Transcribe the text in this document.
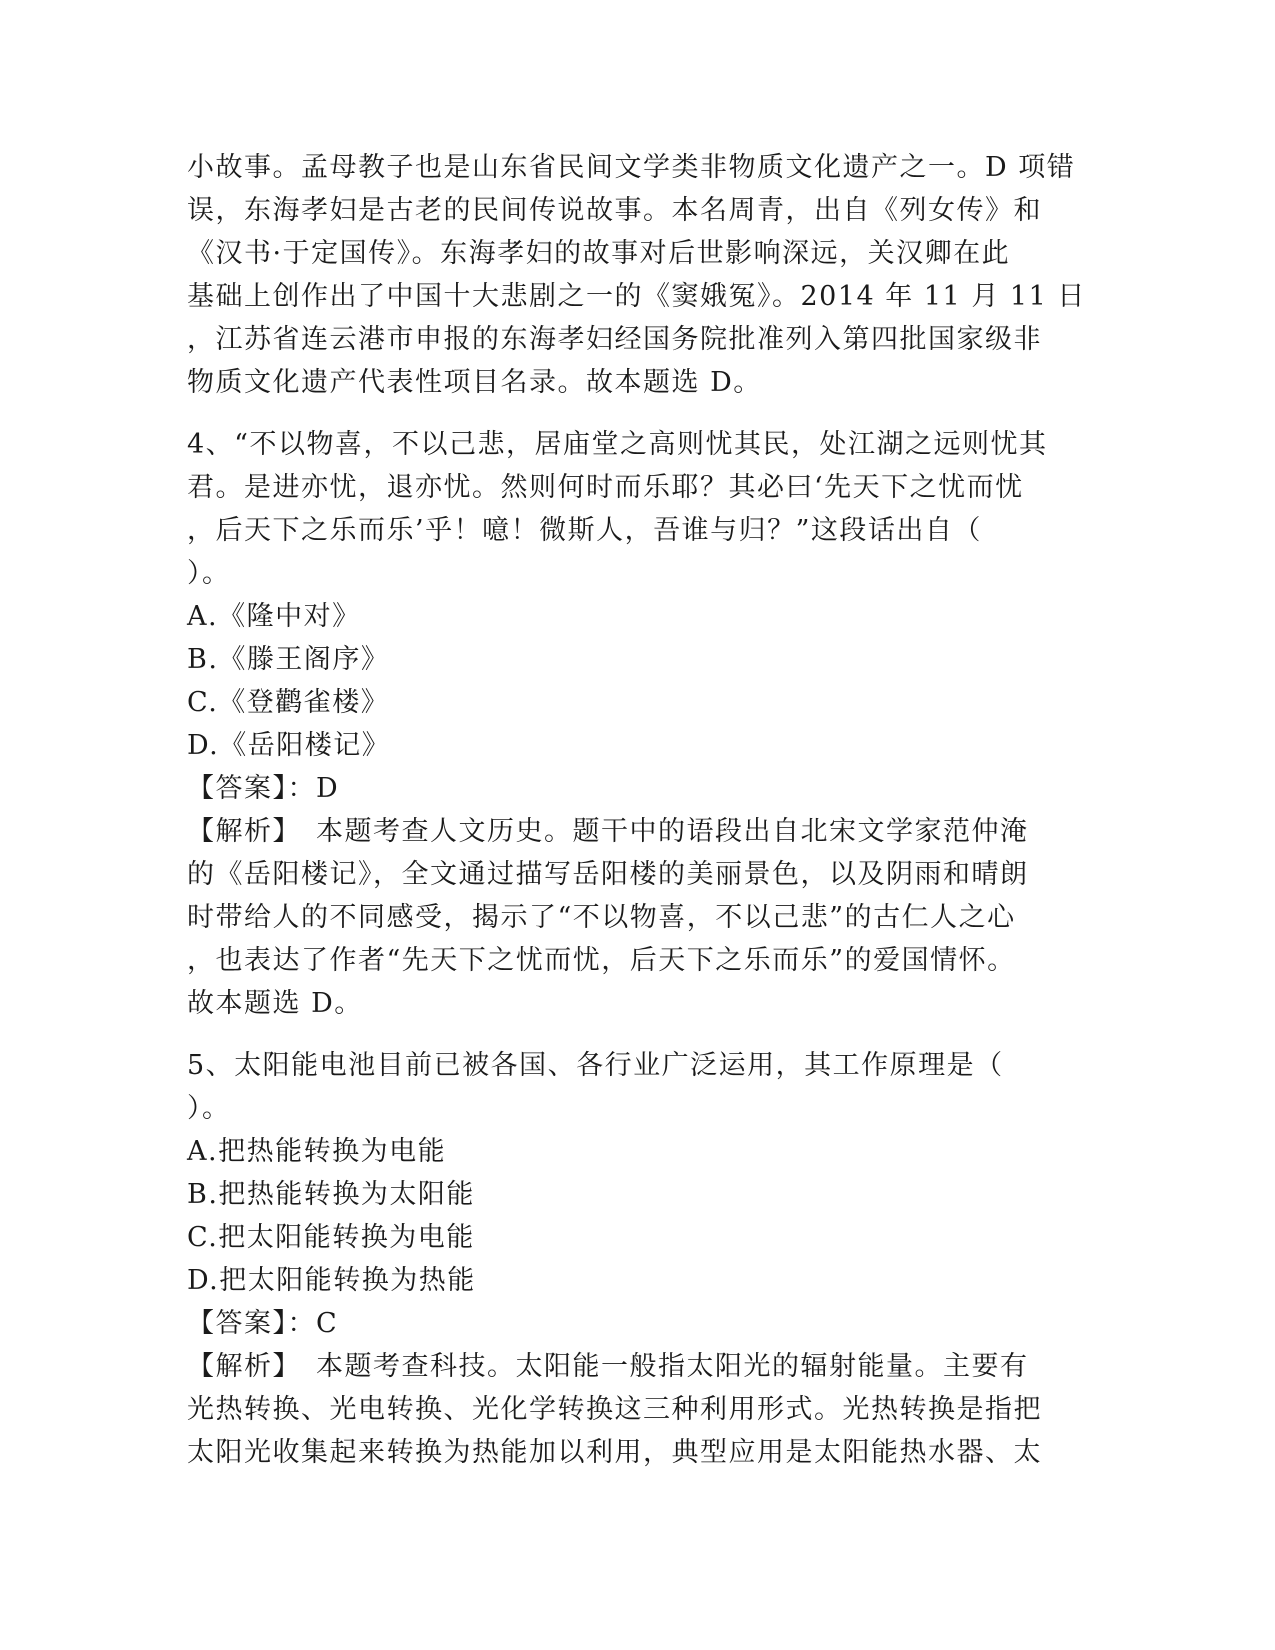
小故事。孟母教子也是山东省民间文学类非物质文化遗产之一。D 项错
误，东海孝妇是古老的民间传说故事。本名周青，出自《列女传》和
《汉书·于定国传》。东海孝妇的故事对后世影响深远，关汉卿在此
基础上创作出了中国十大悲剧之一的《窦娥冤》。2014 年 11 月 11 日
，江苏省连云港市申报的东海孝妇经国务院批准列入第四批国家级非
物质文化遗产代表性项目名录。故本题选 D。
4、“不以物喜，不以己悲，居庙堂之高则忧其民，处江湖之远则忧其
君。是进亦忧，退亦忧。然则何时而乐耶？其必曰‘先天下之忧而忧
，后天下之乐而乐’乎！噫！微斯人，吾谁与归？”这段话出自（
）。
A.《隆中对》
B.《滕王阁序》
C.《登鹳雀楼》
D.《岳阳楼记》
【答案】：D
【解析】　本题考查人文历史。题干中的语段出自北宋文学家范仲淹
的《岳阳楼记》，全文通过描写岳阳楼的美丽景色，以及阴雨和晴朗
时带给人的不同感受，揭示了“不以物喜，不以己悲”的古仁人之心
，也表达了作者“先天下之忧而忧，后天下之乐而乐”的爱国情怀。
故本题选 D。
5、太阳能电池目前已被各国、各行业广泛运用，其工作原理是（
）。
A.把热能转换为电能
B.把热能转换为太阳能
C.把太阳能转换为电能
D.把太阳能转换为热能
【答案】：C
【解析】　本题考查科技。太阳能一般指太阳光的辐射能量。主要有
光热转换、光电转换、光化学转换这三种利用形式。光热转换是指把
太阳光收集起来转换为热能加以利用，典型应用是太阳能热水器、太
